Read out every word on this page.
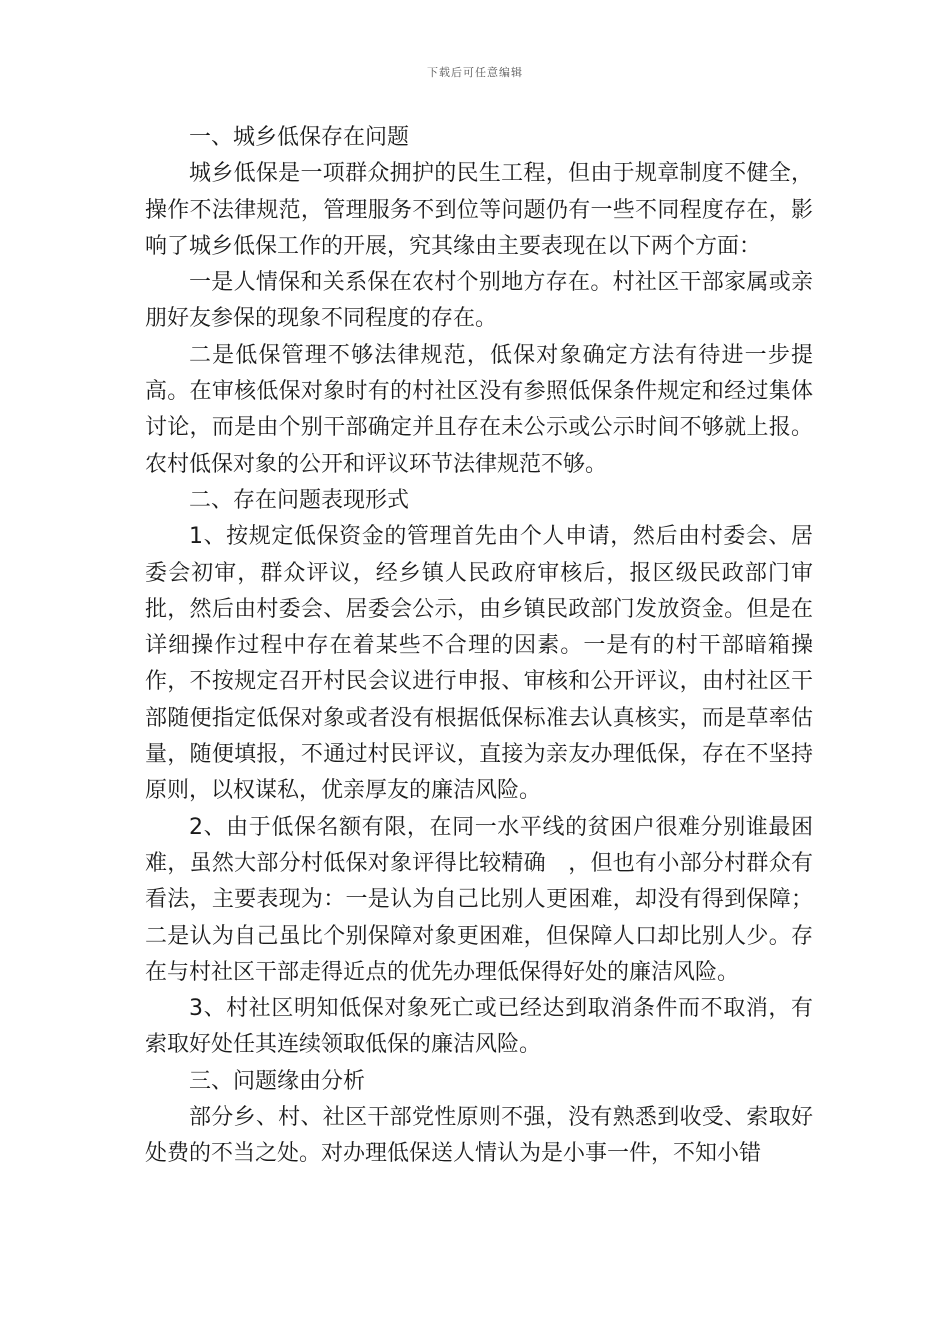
下载后可任意编辑

一、城乡低保存在问题

城乡低保是一项群众拥护的民生工程，但由于规章制度不健全，操作不法律规范，管理服务不到位等问题仍有一些不同程度存在，影响了城乡低保工作的开展，究其缘由主要表现在以下两个方面：

一是人情保和关系保在农村个别地方存在。村社区干部家属或亲朋好友参保的现象不同程度的存在。

二是低保管理不够法律规范，低保对象确定方法有待进一步提高。在审核低保对象时有的村社区没有参照低保条件规定和经过集体讨论，而是由个别干部确定并且存在未公示或公示时间不够就上报。农村低保对象的公开和评议环节法律规范不够。

二、存在问题表现形式

1、按规定低保资金的管理首先由个人申请，然后由村委会、居委会初审，群众评议，经乡镇人民政府审核后，报区级民政部门审批，然后由村委会、居委会公示，由乡镇民政部门发放资金。但是在详细操作过程中存在着某些不合理的因素。一是有的村干部暗箱操作，不按规定召开村民会议进行申报、审核和公开评议，由村社区干部随便指定低保对象或者没有根据低保标准去认真核实，而是草率估量，随便填报，不通过村民评议，直接为亲友办理低保，存在不坚持原则，以权谋私，优亲厚友的廉洁风险。

2、由于低保名额有限，在同一水平线的贫困户很难分别谁最困难，虽然大部分村低保对象评得比较精确　，但也有小部分村群众有看法，主要表现为：一是认为自己比别人更困难，却没有得到保障；二是认为自己虽比个别保障对象更困难，但保障人口却比别人少。存在与村社区干部走得近点的优先办理低保得好处的廉洁风险。

3、村社区明知低保对象死亡或已经达到取消条件而不取消，有索取好处任其连续领取低保的廉洁风险。

三、问题缘由分析

部分乡、村、社区干部党性原则不强，没有熟悉到收受、索取好处费的不当之处。对办理低保送人情认为是小事一件，不知小错
